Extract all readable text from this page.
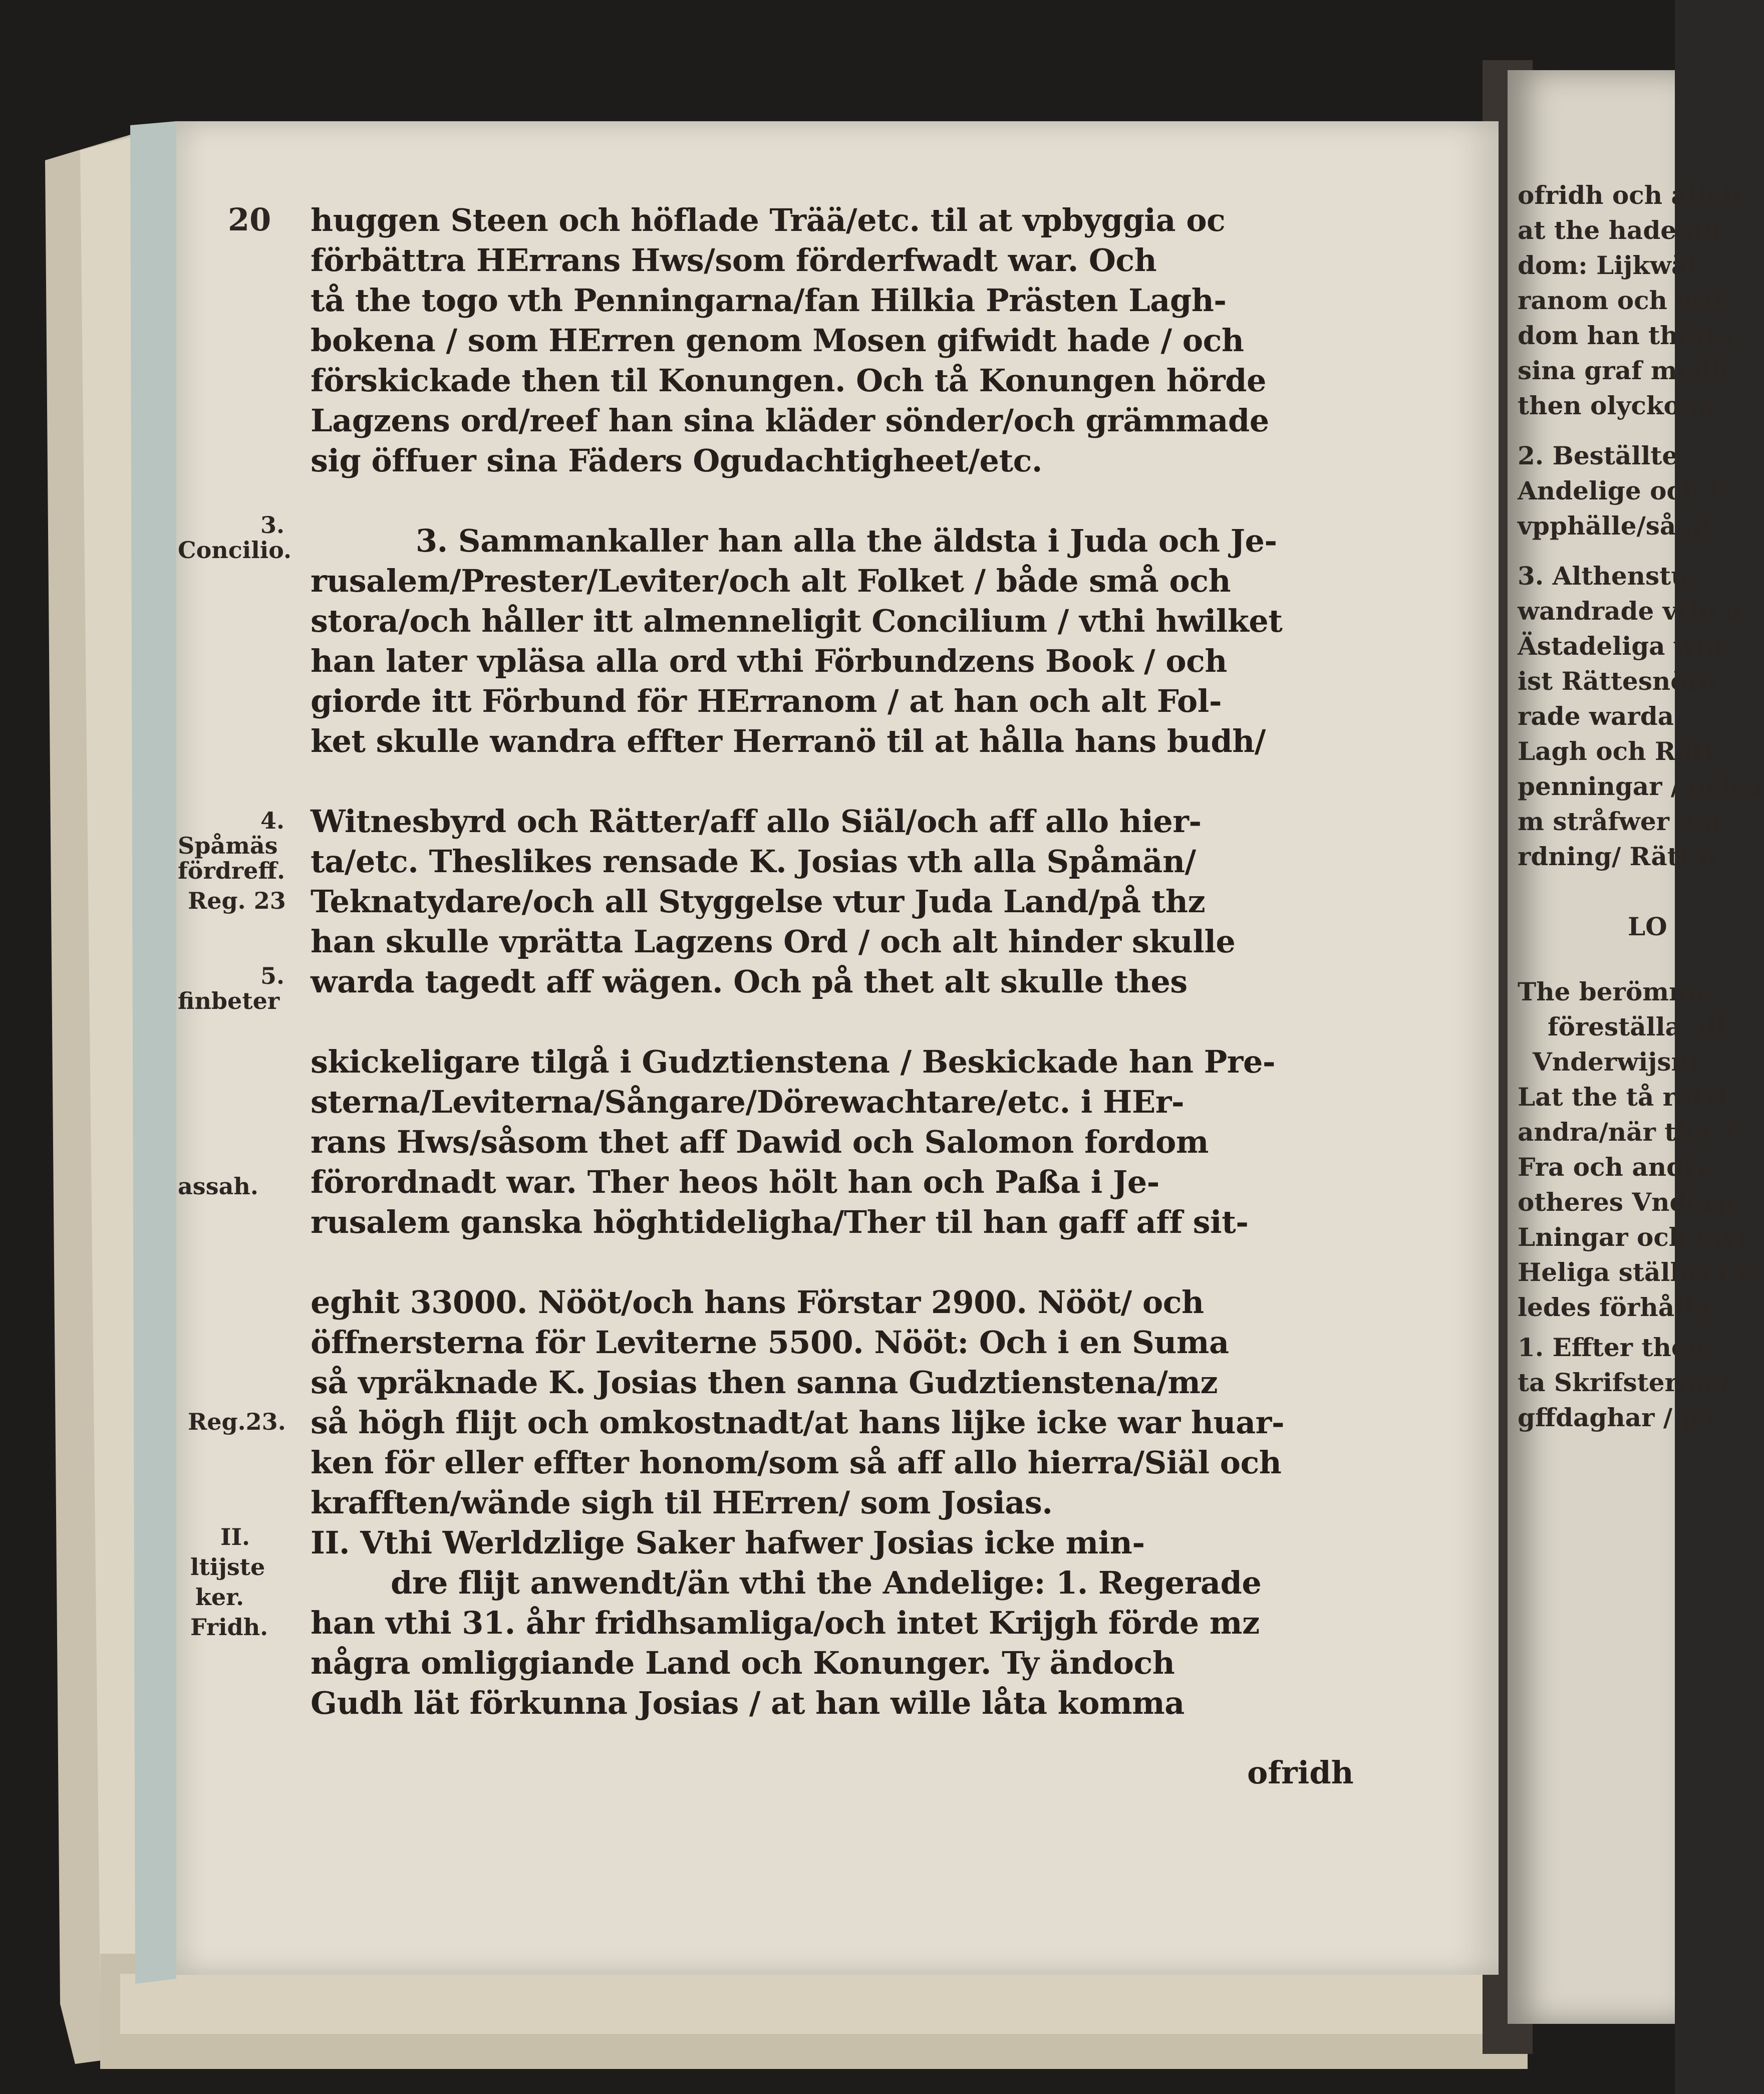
20 huggen Steen och höflade Trää/etc. til at vpbyggia oc
förbättra HErrans Hws/som förderfwadt war. Och
tå the togo vth Penningarna/fan Hilkia Prästen Lagh-
bokena / som HErren genom Mosen gifwidt hade / och
förskickade then til Konungen. Och tå Konungen hörde
Lagzens ord/reef han sina kläder sönder/och grämmade
sig öffuer sina Fäders Ogudachtigheet/etc.
3. Sammankaller han alla the äldsta i Juda och Je-
rusalem/Prester/Leviter/och alt Folket / både små och
stora/och håller itt almenneligit Concilium / vthi hwilket
han later vpläsa alla ord vthi Förbundzens Book / och
giorde itt Förbund för HErranom / at han och alt Fol-
ket skulle wandra effter Herranö til at hålla hans budh/
Witnesbyrd och Rätter/aff allo Siäl/och aff allo hier-
ta/etc. Theslikes rensade K. Josias vth alla Spåmän/
Teknatydare/och all Styggelse vtur Juda Land/på thz
han skulle vprätta Lagzens Ord / och alt hinder skulle
warda tagedt aff wägen. Och på thet alt skulle thes
skickeligare tilgå i Gudztienstena / Beskickade han Pre-
sterna/Leviterna/Sångare/Dörewachtare/etc. i HEr-
rans Hws/såsom thet aff Dawid och Salomon fordom
förordnadt war. Ther heos hölt han och Paßa i Je-
rusalem ganska höghtideligha/Ther til han gaff aff sit-
eghit 33000. Nööt/och hans Förstar 2900. Nööt/ och
öffnersterna för Leviterne 5500. Nööt: Och i en Suma
så vpräknade K. Josias then sanna Gudztienstena/mz
så högh flijt och omkostnadt/at hans lijke icke war huar-
ken för eller effter honom/som så aff allo hierra/Siäl och
krafften/wände sigh til HErren/ som Josias.
II. Vthi Werldzlige Saker hafwer Josias icke min-
dre flijt anwendt/än vthi the Andelige: 1. Regerade
han vthi 31. åhr fridhsamliga/och intet Krijgh förde mz
några omliggiande Land och Konunger. Ty ändoch
Gudh lät förkunna Josias / at han wille låta komma
ofridh
3.
Concilio.
4.
Spåmäs
fördreff.
Reg. 23
5.
finbeter
assah.
Reg.23.
II.
ltijste
ker.
Fridh.
ofridh och alleh
at the hade öff
dom: Lijkwäl
ranom och wan
dom han thetta
sina graf medh
then olyckona.
2. Beställte
Andelige och P
vpphälle/så at
3. Althenstu
wandrade vthi a
Ästadeliga wid
ist Rättesnöre
rade warda :
Lagh och Rätt
penningar / och a
m stråfwer em
rdning/ Rätt o
LO
The berömme
föreställa all
Vnderwijsni
Lat the tå rätzl
andra/när the ä
Fra och andra
otheres Vnderp
Lningar och myr
Heliga ställes i w
ledes förhålla :
1. Effter then
ta Skrifsterna /
gffdaghar / på
